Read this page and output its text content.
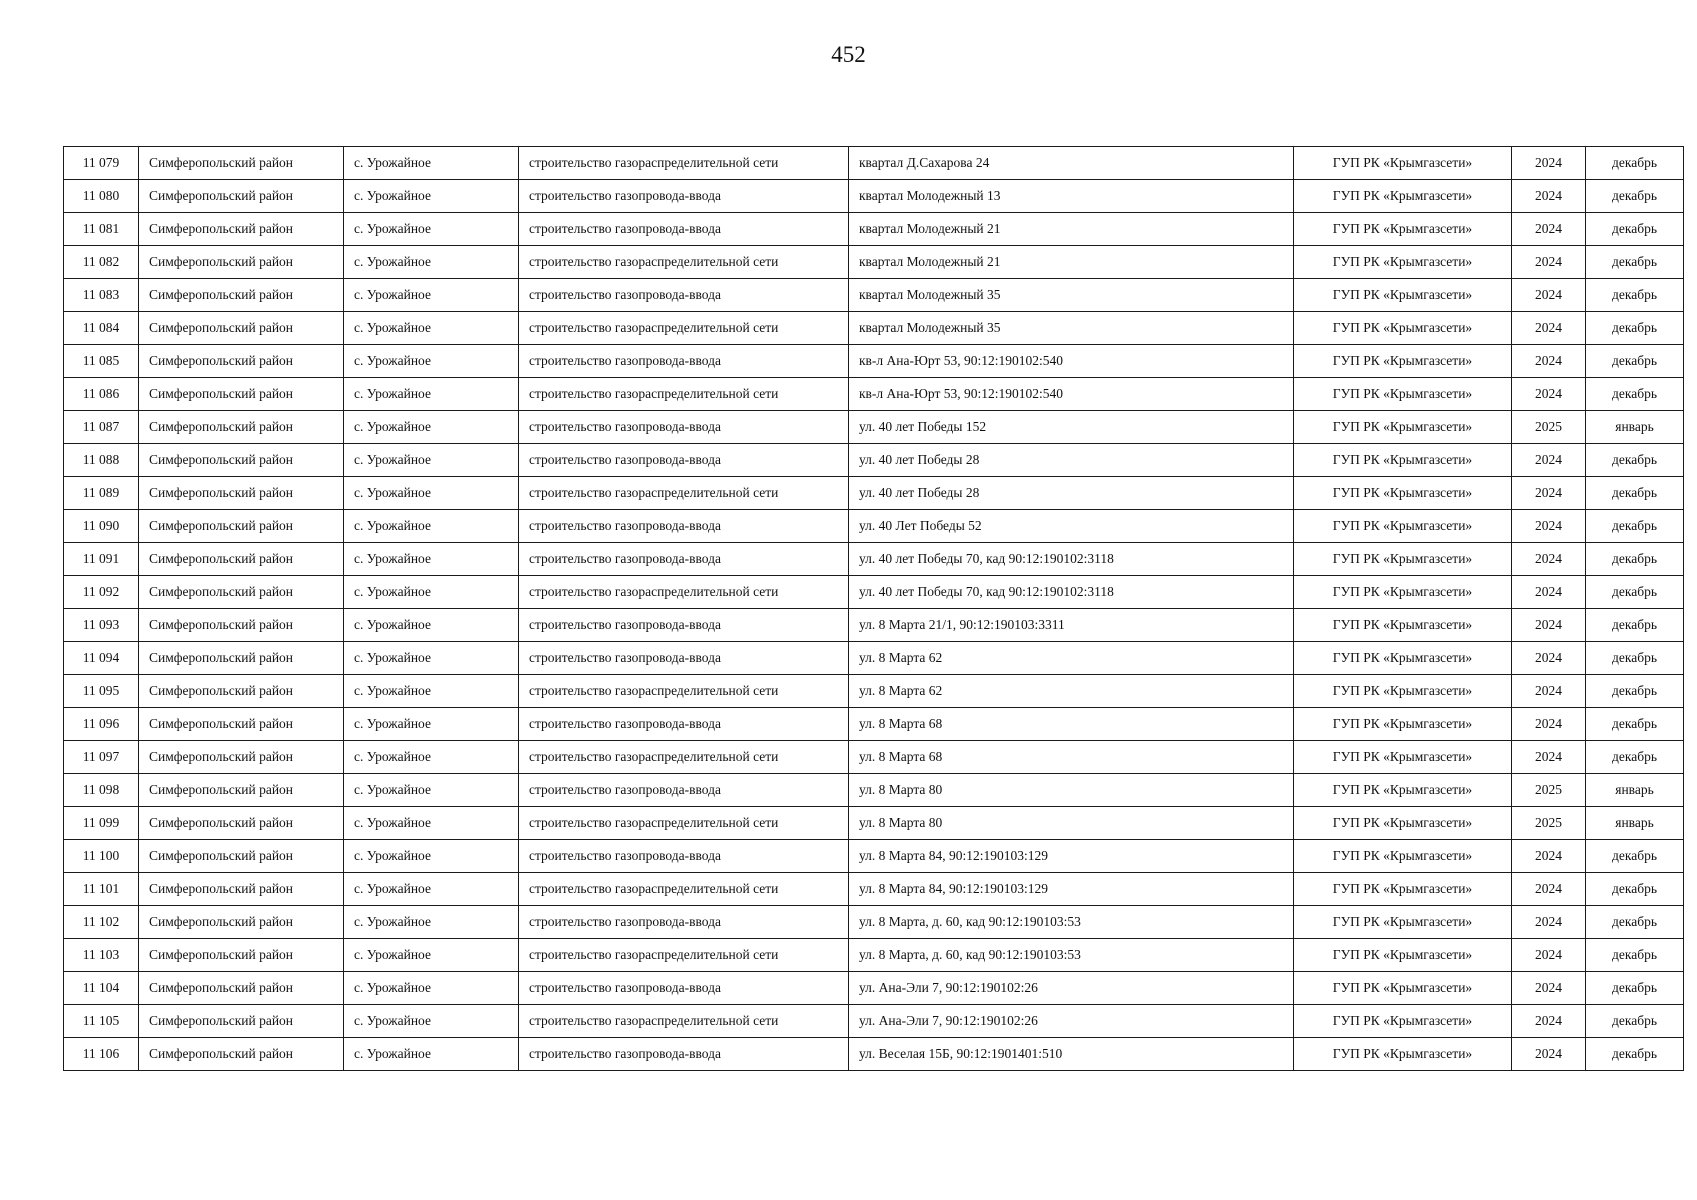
452
11 079	Симферопольский район	с. Урожайное	строительство газораспределительной сети	квартал Д.Сахарова 24	ГУП РК «Крымгазсети»	2024	декабрь
11 080	Симферопольский район	с. Урожайное	строительство газопровода-ввода	квартал Молодежный 13	ГУП РК «Крымгазсети»	2024	декабрь
11 081	Симферопольский район	с. Урожайное	строительство газопровода-ввода	квартал Молодежный 21	ГУП РК «Крымгазсети»	2024	декабрь
11 082	Симферопольский район	с. Урожайное	строительство газораспределительной сети	квартал Молодежный 21	ГУП РК «Крымгазсети»	2024	декабрь
11 083	Симферопольский район	с. Урожайное	строительство газопровода-ввода	квартал Молодежный 35	ГУП РК «Крымгазсети»	2024	декабрь
11 084	Симферопольский район	с. Урожайное	строительство газораспределительной сети	квартал Молодежный 35	ГУП РК «Крымгазсети»	2024	декабрь
11 085	Симферопольский район	с. Урожайное	строительство газопровода-ввода	кв-л Ана-Юрт 53, 90:12:190102:540	ГУП РК «Крымгазсети»	2024	декабрь
11 086	Симферопольский район	с. Урожайное	строительство газораспределительной сети	кв-л Ана-Юрт 53, 90:12:190102:540	ГУП РК «Крымгазсети»	2024	декабрь
11 087	Симферопольский район	с. Урожайное	строительство газопровода-ввода	ул. 40 лет Победы 152	ГУП РК «Крымгазсети»	2025	январь
11 088	Симферопольский район	с. Урожайное	строительство газопровода-ввода	ул. 40 лет Победы 28	ГУП РК «Крымгазсети»	2024	декабрь
11 089	Симферопольский район	с. Урожайное	строительство газораспределительной сети	ул. 40 лет Победы 28	ГУП РК «Крымгазсети»	2024	декабрь
11 090	Симферопольский район	с. Урожайное	строительство газопровода-ввода	ул. 40 Лет Победы 52	ГУП РК «Крымгазсети»	2024	декабрь
11 091	Симферопольский район	с. Урожайное	строительство газопровода-ввода	ул. 40 лет Победы 70, кад 90:12:190102:3118	ГУП РК «Крымгазсети»	2024	декабрь
11 092	Симферопольский район	с. Урожайное	строительство газораспределительной сети	ул. 40 лет Победы 70, кад 90:12:190102:3118	ГУП РК «Крымгазсети»	2024	декабрь
11 093	Симферопольский район	с. Урожайное	строительство газопровода-ввода	ул. 8 Марта 21/1, 90:12:190103:3311	ГУП РК «Крымгазсети»	2024	декабрь
11 094	Симферопольский район	с. Урожайное	строительство газопровода-ввода	ул. 8 Марта 62	ГУП РК «Крымгазсети»	2024	декабрь
11 095	Симферопольский район	с. Урожайное	строительство газораспределительной сети	ул. 8 Марта 62	ГУП РК «Крымгазсети»	2024	декабрь
11 096	Симферопольский район	с. Урожайное	строительство газопровода-ввода	ул. 8 Марта 68	ГУП РК «Крымгазсети»	2024	декабрь
11 097	Симферопольский район	с. Урожайное	строительство газораспределительной сети	ул. 8 Марта 68	ГУП РК «Крымгазсети»	2024	декабрь
11 098	Симферопольский район	с. Урожайное	строительство газопровода-ввода	ул. 8 Марта 80	ГУП РК «Крымгазсети»	2025	январь
11 099	Симферопольский район	с. Урожайное	строительство газораспределительной сети	ул. 8 Марта 80	ГУП РК «Крымгазсети»	2025	январь
11 100	Симферопольский район	с. Урожайное	строительство газопровода-ввода	ул. 8 Марта 84, 90:12:190103:129	ГУП РК «Крымгазсети»	2024	декабрь
11 101	Симферопольский район	с. Урожайное	строительство газораспределительной сети	ул. 8 Марта 84, 90:12:190103:129	ГУП РК «Крымгазсети»	2024	декабрь
11 102	Симферопольский район	с. Урожайное	строительство газопровода-ввода	ул. 8 Марта, д. 60, кад 90:12:190103:53	ГУП РК «Крымгазсети»	2024	декабрь
11 103	Симферопольский район	с. Урожайное	строительство газораспределительной сети	ул. 8 Марта, д. 60, кад 90:12:190103:53	ГУП РК «Крымгазсети»	2024	декабрь
11 104	Симферопольский район	с. Урожайное	строительство газопровода-ввода	ул. Ана-Эли 7, 90:12:190102:26	ГУП РК «Крымгазсети»	2024	декабрь
11 105	Симферопольский район	с. Урожайное	строительство газораспределительной сети	ул. Ана-Эли 7, 90:12:190102:26	ГУП РК «Крымгазсети»	2024	декабрь
11 106	Симферопольский район	с. Урожайное	строительство газопровода-ввода	ул. Веселая 15Б, 90:12:1901401:510	ГУП РК «Крымгазсети»	2024	декабрь
